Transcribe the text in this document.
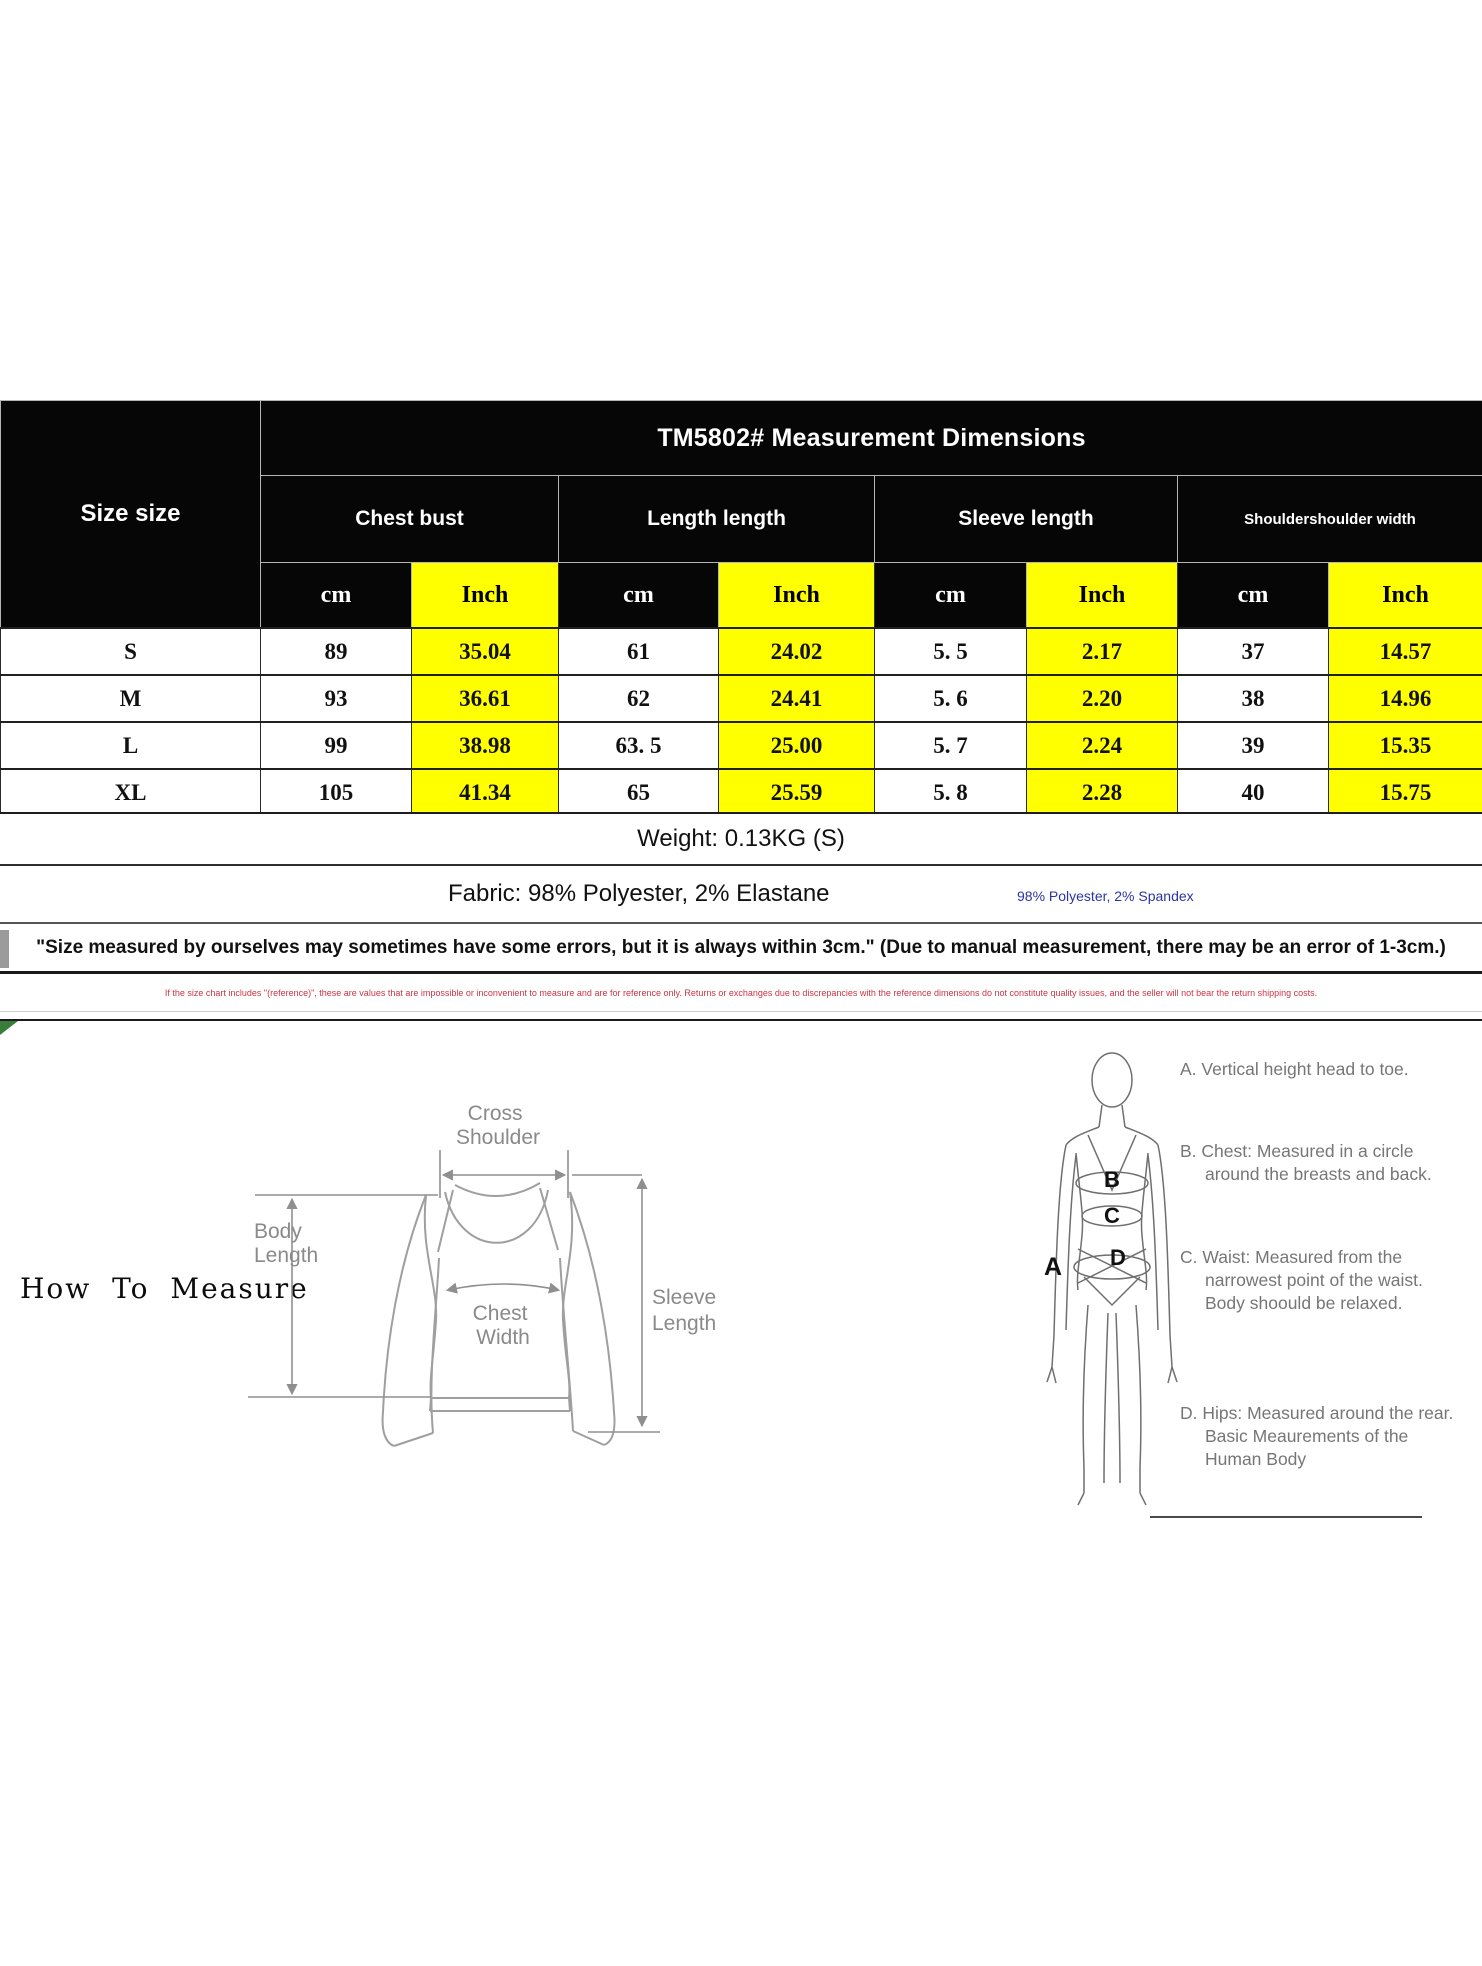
Size size	TM5802# Measurement Dimensions							
	Chest bust		Length length		Sleeve length		Shouldershoulder width	
	cm	Inch	cm	Inch	cm	Inch	cm	Inch
S	89	35.04	61	24.02	5. 5	2.17	37	14.57
M	93	36.61	62	24.41	5. 6	2.20	38	14.96
L	99	38.98	63. 5	25.00	5. 7	2.24	39	15.35
XL	105	41.34	65	25.59	5. 8	2.28	40	15.75
Weight: 0.13KG (S)
Fabric: 98% Polyester, 2% Elastane	98% Polyester, 2% Spandex
"Size measured by ourselves may sometimes have some errors, but it is always within 3cm." (Due to manual measurement, there may be an error of 1-3cm.)
If the size chart includes "(reference)", these are values that are impossible or inconvenient to measure and are for reference only. Returns or exchanges due to discrepancies with the reference dimensions do not constitute quality issues, and the seller will not bear the return shipping costs.
How To Measure
Cross Shoulder
Body Length
Chest Width
Sleeve Length
A
B
C
D
A. Vertical height head to toe.
B. Chest: Measured in a circle around the breasts and back.
C. Waist: Measured from the narrowest point of the waist. Body shoould be relaxed.
D. Hips: Measured around the rear. Basic Meaurements of the Human Body
